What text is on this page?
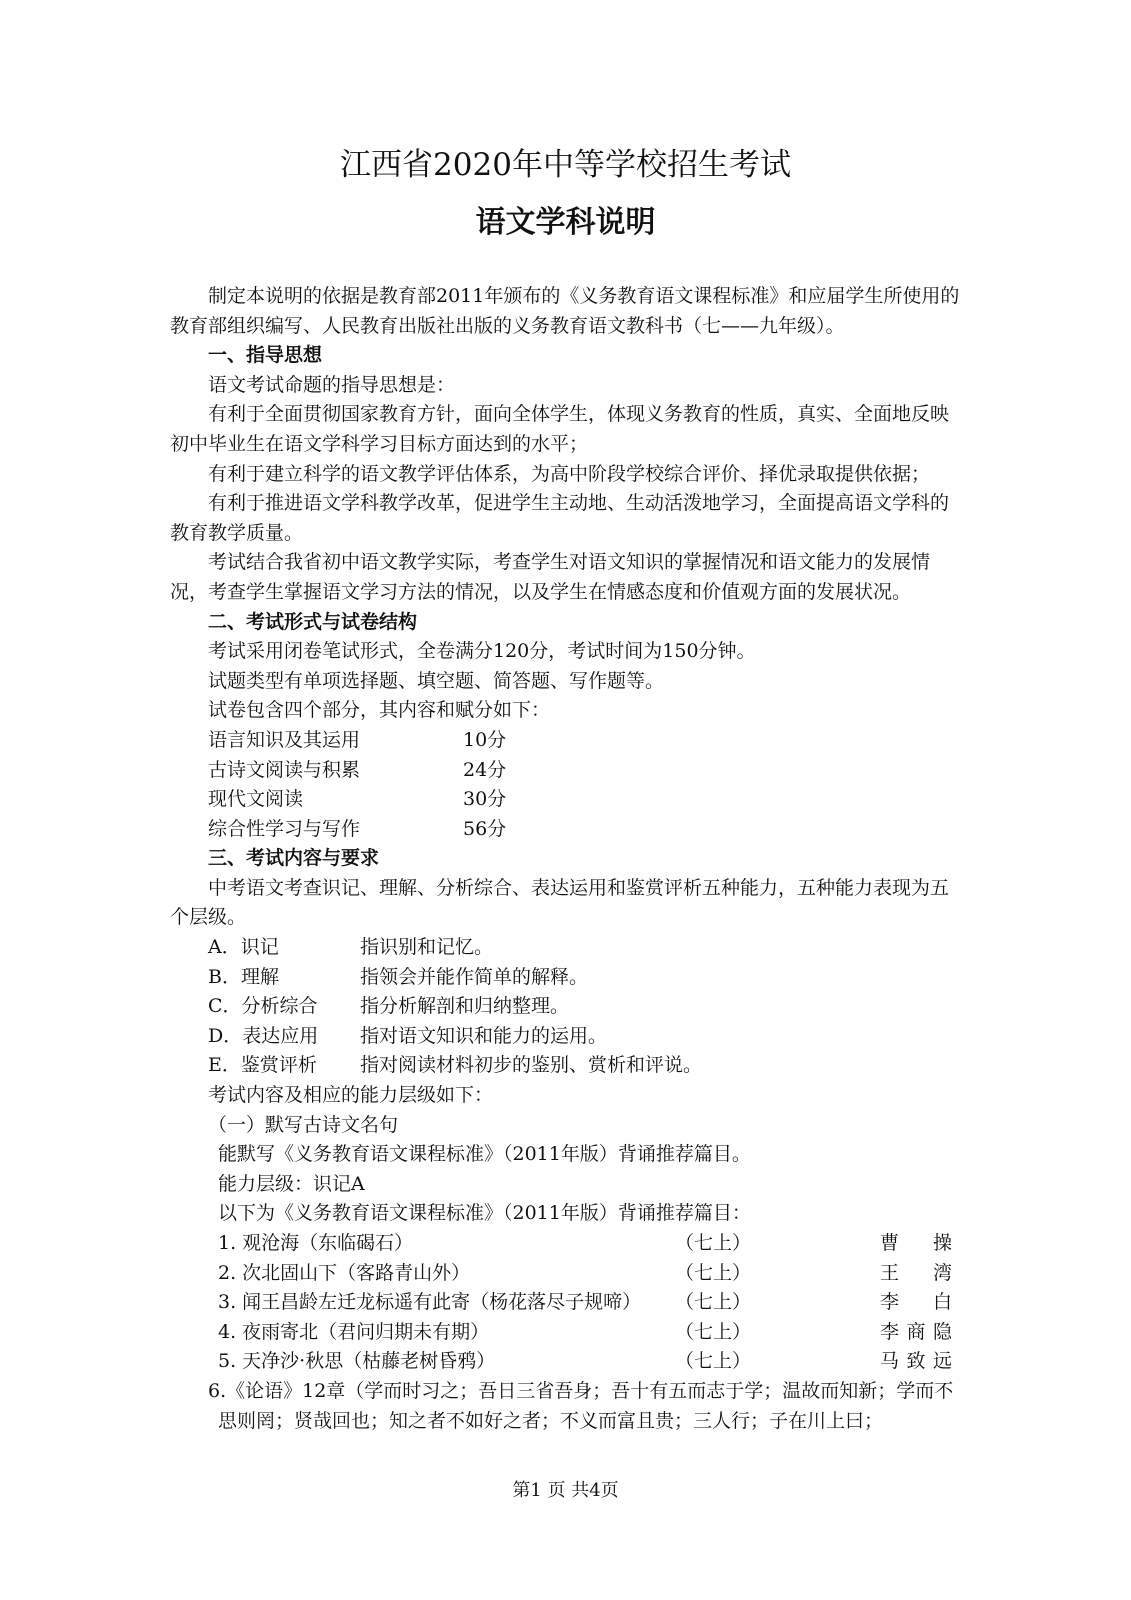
江西省2020年中等学校招生考试
语文学科说明

制定本说明的依据是教育部2011年颁布的《义务教育语文课程标准》和应届学生所使用的教育部组织编写、人民教育出版社出版的义务教育语文教科书（七——九年级）。

一、指导思想

语文考试命题的指导思想是：

有利于全面贯彻国家教育方针，面向全体学生，体现义务教育的性质，真实、全面地反映初中毕业生在语文学科学习目标方面达到的水平；

有利于建立科学的语文教学评估体系，为高中阶段学校综合评价、择优录取提供依据；

有利于推进语文学科教学改革，促进学生主动地、生动活泼地学习，全面提高语文学科的教育教学质量。

考试结合我省初中语文教学实际，考查学生对语文知识的掌握情况和语文能力的发展情况，考查学生掌握语文学习方法的情况，以及学生在情感态度和价值观方面的发展状况。

二、考试形式与试卷结构

考试采用闭卷笔试形式，全卷满分120分，考试时间为150分钟。

试题类型有单项选择题、填空题、简答题、写作题等。

试卷包含四个部分，其内容和赋分如下：

语言知识及其运用	10分
古诗文阅读与积累	24分
现代文阅读	30分
综合性学习与写作	56分

三、考试内容与要求

中考语文考查识记、理解、分析综合、表达运用和鉴赏评析五种能力，五种能力表现为五个层级。

A．识记	指识别和记忆。
B．理解	指领会并能作简单的解释。
C．分析综合	指分析解剖和归纳整理。
D．表达应用	指对语文知识和能力的运用。
E．鉴赏评析	指对阅读材料初步的鉴别、赏析和评说。

考试内容及相应的能力层级如下：

（一）默写古诗文名句

能默写《义务教育语文课程标准》（2011年版）背诵推荐篇目。

能力层级：识记A

以下为《义务教育语文课程标准》（2011年版）背诵推荐篇目：

1. 观沧海（东临碣石）	（七上）	曹操
2. 次北固山下（客路青山外）	（七上）	王湾
3. 闻王昌龄左迁龙标遥有此寄（杨花落尽子规啼）	（七上）	李白
4. 夜雨寄北（君问归期未有期）	（七上）	李商隐
5. 天净沙·秋思（枯藤老树昏鸦）	（七上）	马致远

6.《论语》12章（学而时习之；吾日三省吾身；吾十有五而志于学；温故而知新；学而不思则罔；贤哉回也；知之者不如好之者；不义而富且贵；三人行；子在川上曰；

第1 页 共4页
